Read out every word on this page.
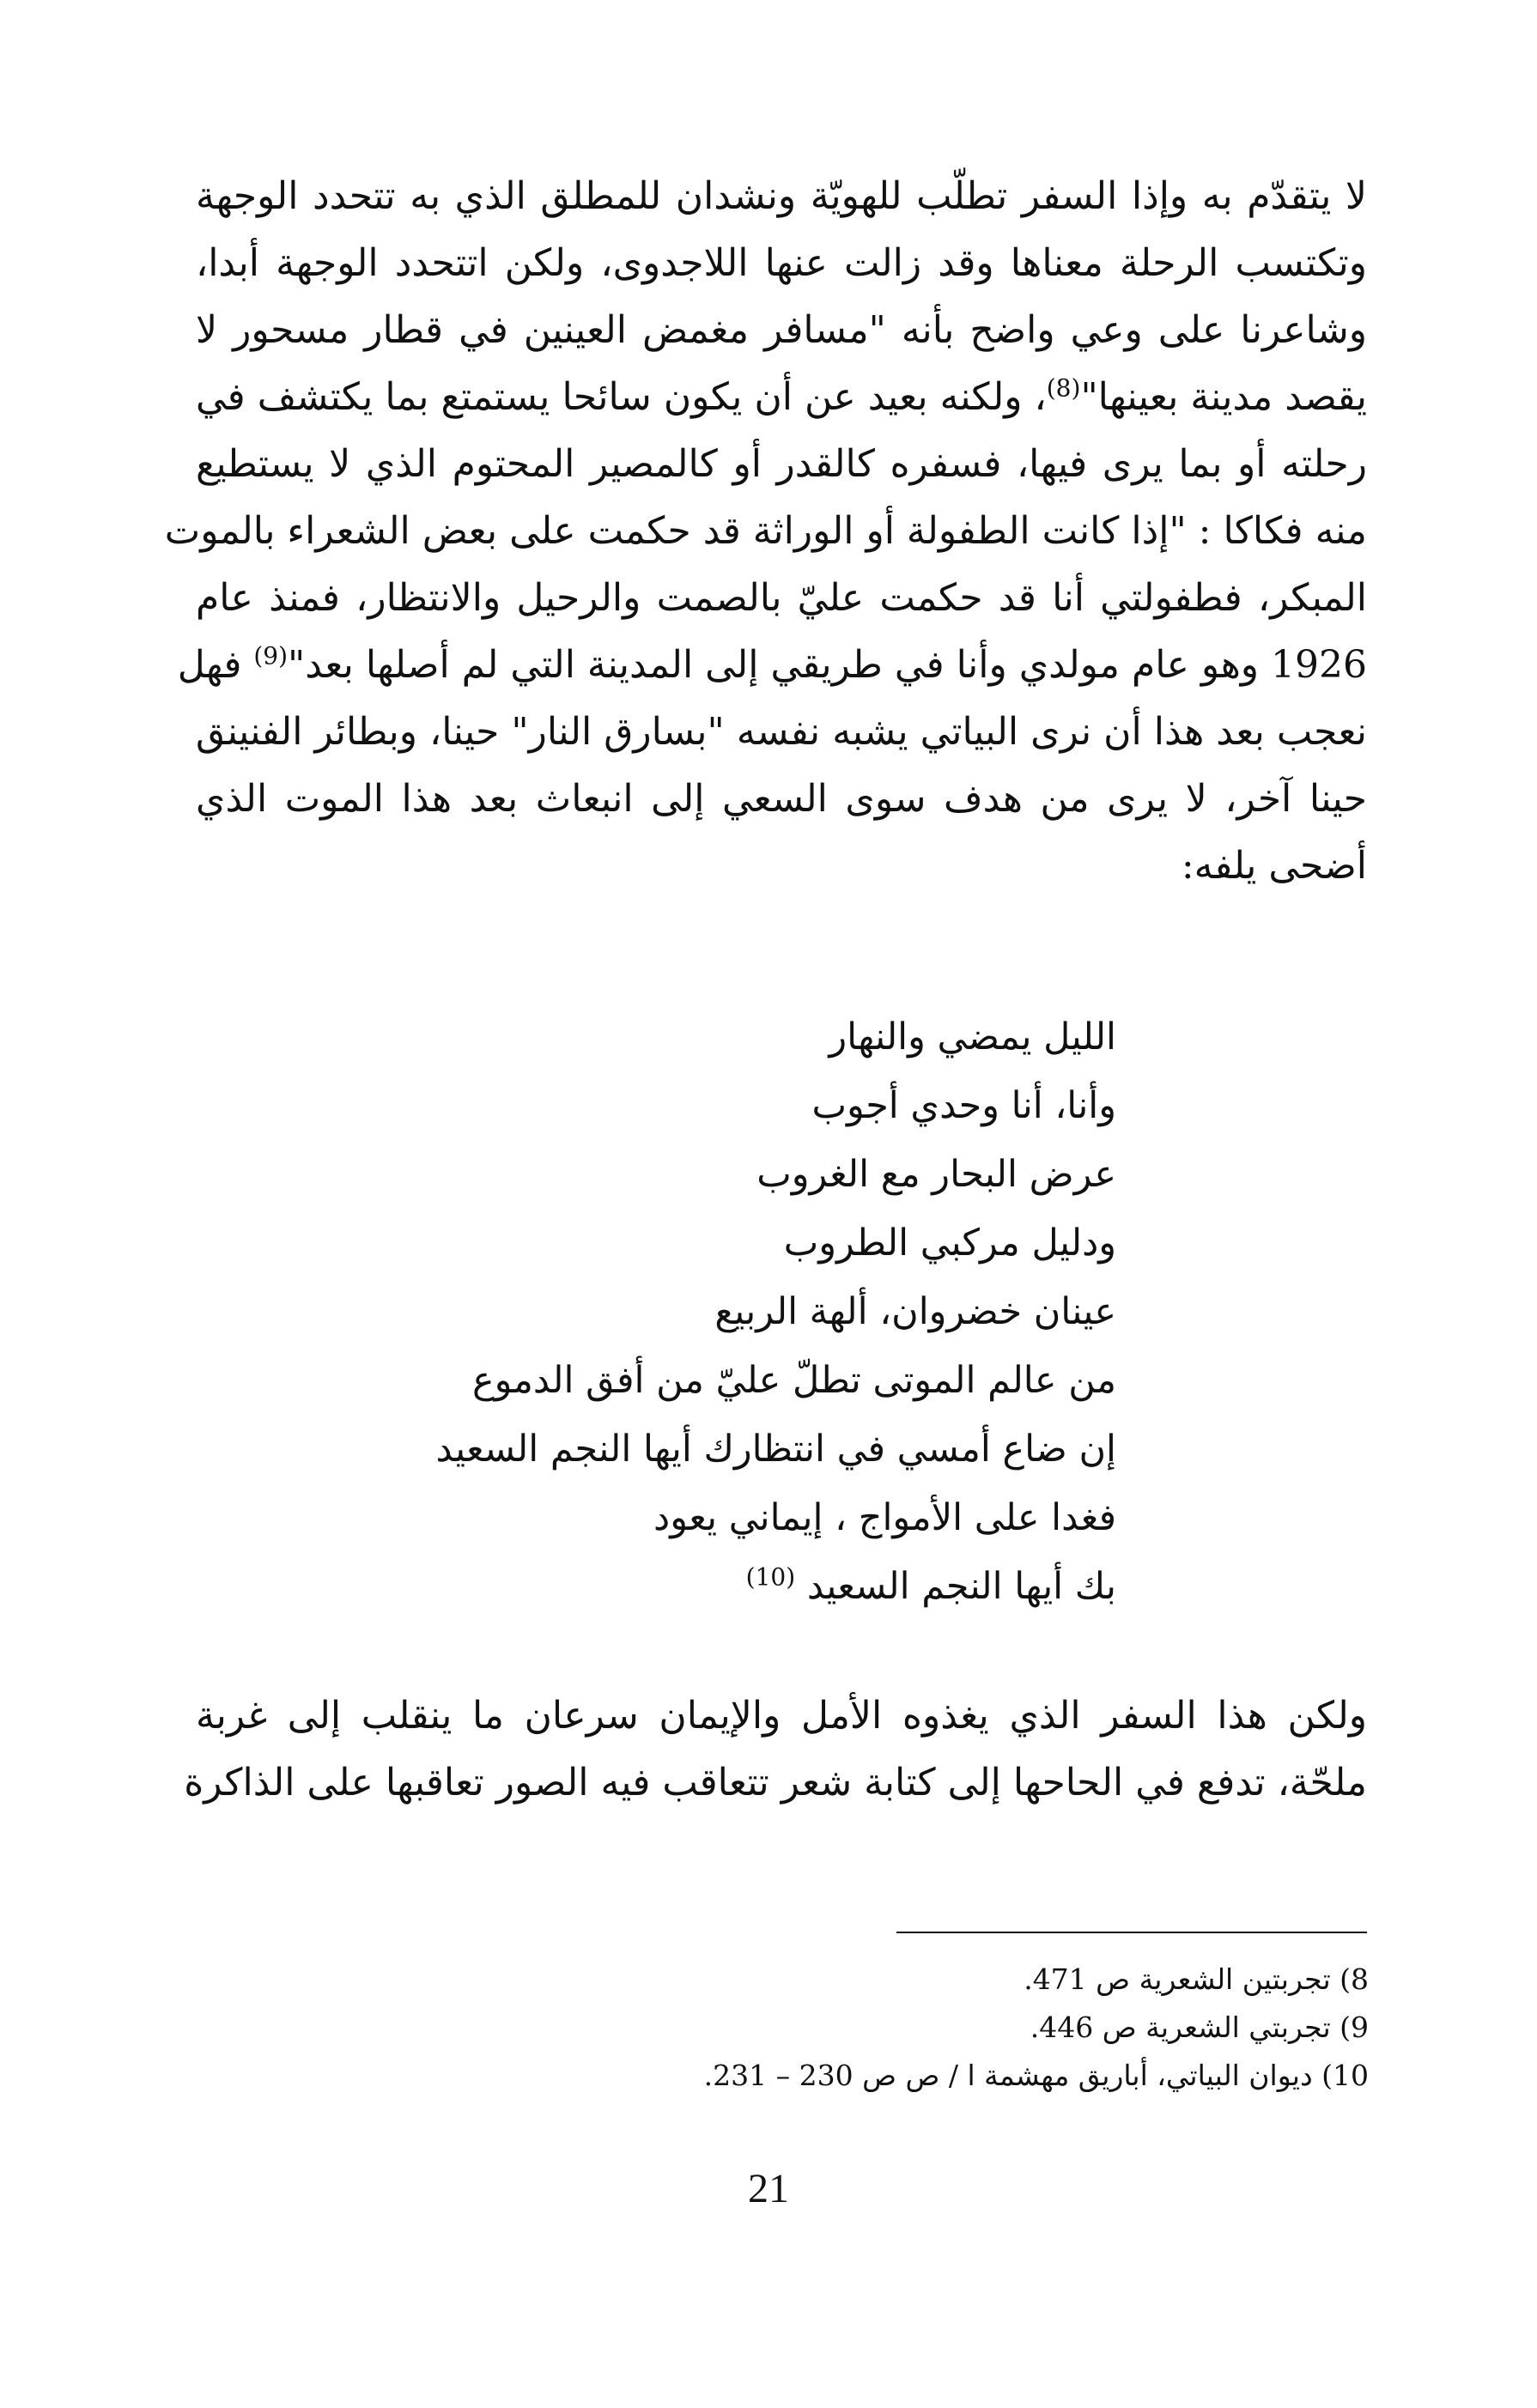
لا يتقدّم به وإذا السفر تطلّب للهويّة ونشدان للمطلق الذي به تتحدد الوجهة
وتكتسب الرحلة معناها وقد زالت عنها اللاجدوى، ولكن اتتحدد الوجهة أبدا،
وشاعرنا على وعي واضح بأنه "مسافر مغمض العينين في قطار مسحور لا
يقصد مدينة بعينها"$^{(8)}$، ولكنه بعيد عن أن يكون سائحا يستمتع بما يكتشف في
رحلته أو بما يرى فيها، فسفره كالقدر أو كالمصير المحتوم الذي لا يستطيع
منه فكاكا : "إذا كانت الطفولة أو الوراثة قد حكمت على بعض الشعراء بالموت
المبكر، فطفولتي أنا قد حكمت عليّ بالصمت والرحيل والانتظار، فمنذ عام
1926 وهو عام مولدي وأنا في طريقي إلى المدينة التي لم أصلها بعد"$^{(9)}$ فهل
نعجب بعد هذا أن نرى البياتي يشبه نفسه "بسارق النار" حينا، وبطائر الفنينق
حينا آخر، لا يرى من هدف سوى السعي إلى انبعاث بعد هذا الموت الذي
أضحى يلفه:
الليل يمضي والنهار
وأنا، أنا وحدي أجوب
عرض البحار مع الغروب
ودليل مركبي الطروب
عينان خضروان، ألهة الربيع
من عالم الموتى تطلّ عليّ من أفق الدموع
إن ضاع أمسي في انتظارك أيها النجم السعيد
فغدا على الأمواج ، إيماني يعود
بك أيها النجم السعيد $^{(10)}$
ولكن هذا السفر الذي يغذوه الأمل والإيمان سرعان ما ينقلب إلى غربة
ملحّة، تدفع في الحاحها إلى كتابة شعر تتعاقب فيه الصور تعاقبها على الذاكرة
8) تجربتين الشعرية ص 471.
9) تجربتي الشعرية ص 446.
10) ديوان البياتي، أباريق مهشمة ا / ص ص 230 – 231.
21
